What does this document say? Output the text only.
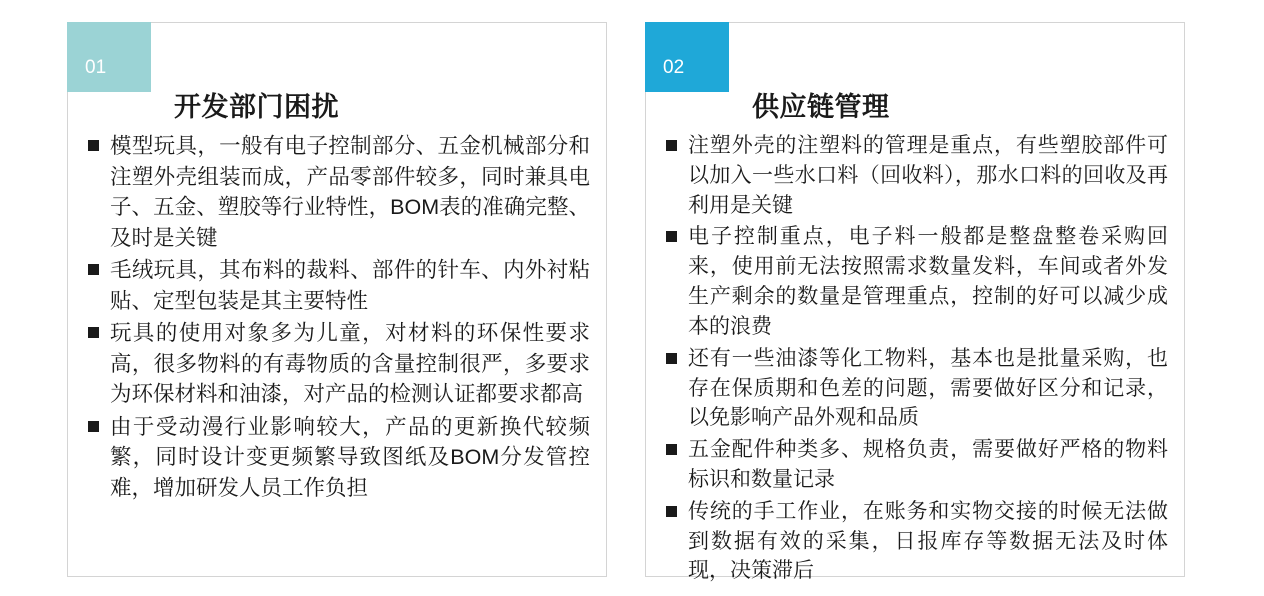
01
开发部门困扰
模型玩具，一般有电子控制部分、五金机械部分和注塑外壳组装而成，产品零部件较多，同时兼具电子、五金、塑胶等行业特性，BOM表的准确完整、及时是关键
毛绒玩具，其布料的裁料、部件的针车、内外衬粘贴、定型包装是其主要特性
玩具的使用对象多为儿童，对材料的环保性要求高，很多物料的有毒物质的含量控制很严，多要求为环保材料和油漆，对产品的检测认证都要求都高
由于受动漫行业影响较大，产品的更新换代较频繁，同时设计变更频繁导致图纸及BOM分发管控难，增加研发人员工作负担
02
供应链管理
注塑外壳的注塑料的管理是重点，有些塑胶部件可以加入一些水口料（回收料），那水口料的回收及再利用是关键
电子控制重点，电子料一般都是整盘整卷采购回来，使用前无法按照需求数量发料，车间或者外发生产剩余的数量是管理重点，控制的好可以减少成本的浪费
还有一些油漆等化工物料，基本也是批量采购，也存在保质期和色差的问题，需要做好区分和记录，以免影响产品外观和品质
五金配件种类多、规格负责，需要做好严格的物料标识和数量记录
传统的手工作业，在账务和实物交接的时候无法做到数据有效的采集，日报库存等数据无法及时体现，决策滞后
